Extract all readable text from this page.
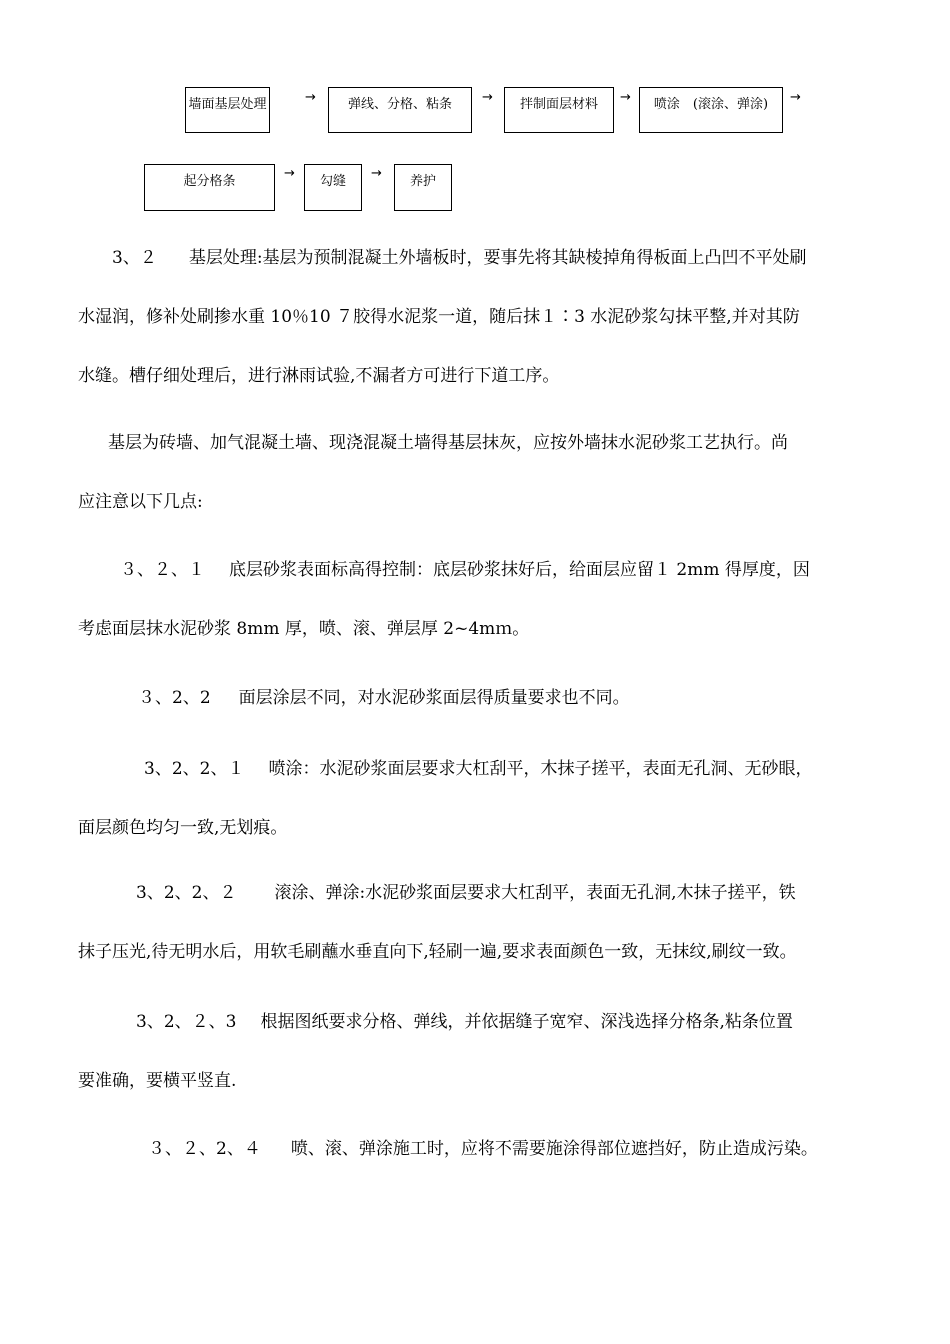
墙面基层处理	→	弹线、分格、粘条	→	拌制面层材料	→	喷涂　(滚涂、弹涂)	→
起分格条
→
勾缝
→
养护
3、２ 基层处理:基层为预制混凝土外墙板时，要事先将其缺棱掉角得板面上凸凹不平处刷
水湿润，修补处刷掺水重 10％10 ７胶得水泥浆一道，随后抹１∶3 水泥砂浆勾抹平整,并对其防
水缝。槽仔细处理后，进行淋雨试验,不漏者方可进行下道工序。
基层为砖墙、加气混凝土墙、现浇混凝土墙得基层抹灰，应按外墙抹水泥砂浆工艺执行。尚
应注意以下几点:
３、２、１ 底层砂浆表面标高得控制：底层砂浆抹好后，给面层应留１ 2mm 得厚度，因
考虑面层抹水泥砂浆 8mm 厚，喷、滚、弹层厚 2~4mｍ。
３、2、2 面层涂层不同，对水泥砂浆面层得质量要求也不同。
3、2、2、１ 喷涂：水泥砂浆面层要求大杠刮平，木抹子搓平，表面无孔洞、无砂眼，
面层颜色均匀一致,无划痕。
3、2、2、２ 滚涂、弹涂:水泥砂浆面层要求大杠刮平，表面无孔洞,木抹子搓平，铁
抹子压光,待无明水后，用软毛刷蘸水垂直向下,轻刷一遍,要求表面颜色一致，无抹纹,刷纹一致。
3、2、２、3 根据图纸要求分格、弹线，并依据缝子宽窄、深浅选择分格条,粘条位置
要准确，要横平竖直.
３、２、2、４ 喷、滚、弹涂施工时，应将不需要施涂得部位遮挡好，防止造成污染。
